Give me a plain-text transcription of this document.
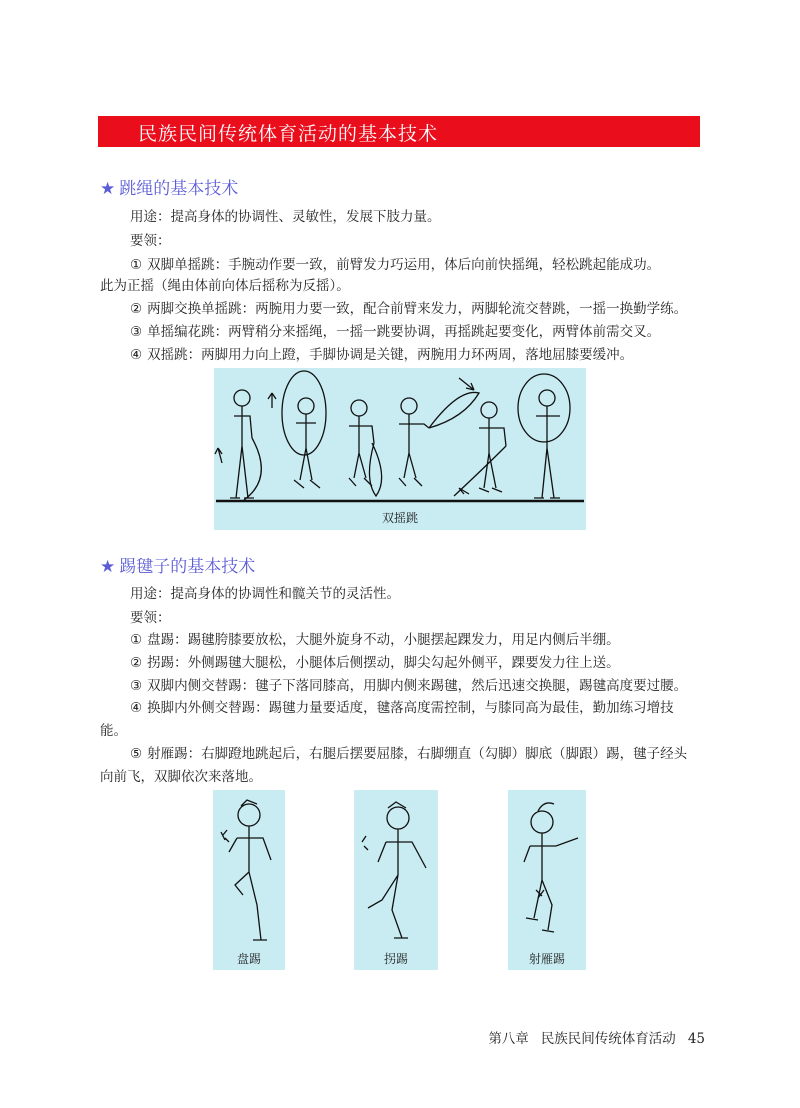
民族民间传统体育活动的基本技术
★ 跳绳的基本技术
用途：提高身体的协调性、灵敏性，发展下肢力量。
要领：
① 双脚单摇跳：手腕动作要一致，前臂发力巧运用，体后向前快摇绳，轻松跳起能成功。
此为正摇（绳由体前向体后摇称为反摇）。
② 两脚交换单摇跳：两腕用力要一致，配合前臂来发力，两脚轮流交替跳，一摇一换勤学练。
③ 单摇编花跳：两臂稍分来摇绳，一摇一跳要协调，再摇跳起要变化，两臂体前需交叉。
④ 双摇跳：两脚用力向上蹬，手脚协调是关键，两腕用力环两周，落地屈膝要缓冲。
双摇跳
★ 踢毽子的基本技术
用途：提高身体的协调性和髋关节的灵活性。
要领：
① 盘踢：踢毽胯膝要放松，大腿外旋身不动，小腿摆起踝发力，用足内侧后半绷。
② 拐踢：外侧踢毽大腿松，小腿体后侧摆动，脚尖勾起外侧平，踝要发力往上送。
③ 双脚内侧交替踢：毽子下落同膝高，用脚内侧来踢毽，然后迅速交换腿，踢毽高度要过腰。
④ 换脚内外侧交替踢：踢毽力量要适度，毽落高度需控制，与膝同高为最佳，勤加练习增技能。
⑤ 射雁踢：右脚蹬地跳起后，右腿后摆要屈膝，右脚绷直（勾脚）脚底（脚跟）踢，毽子经头向前飞，双脚依次来落地。
盘踢	拐踢	射雁踢
第八章 民族民间传统体育活动 45
